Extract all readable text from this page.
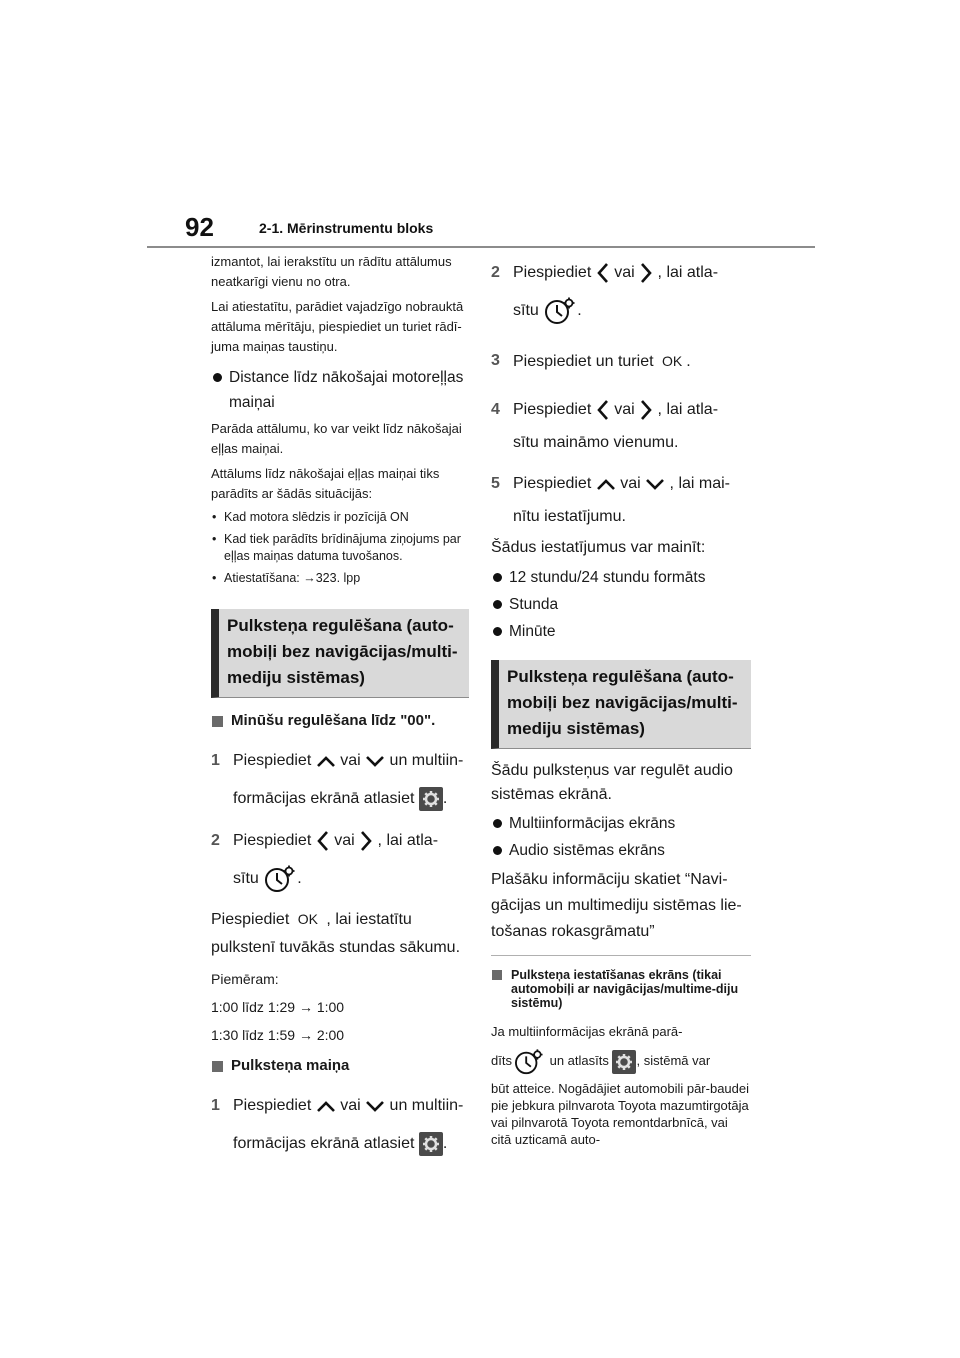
92	2-1. Mērinstrumentu bloks

izmantot, lai ierakstītu un rādītu attālumus neatkarīgi vienu no otra.

Lai atiestatītu, parādiet vajadzīgo nobrauktā attāluma mērītāju, piespiediet un turiet rādī-juma maiņas taustiņu.

Distance līdz nākošajai motoreļļas maiņai

Parāda attālumu, ko var veikt līdz nākošajai eļļas maiņai.

Attālums līdz nākošajai eļļas maiņai tiks parādīts ar šādās situācijās:

• Kad motora slēdzis ir pozīcijā ON

• Kad tiek parādīts brīdinājuma ziņojums par eļļas maiņas datuma tuvošanos.

• Atiestatīšana: →323. lpp

Pulksteņa regulēšana (auto-mobiļi bez navigācijas/multi-mediju sistēmas)

Minūšu regulēšana līdz "00".

1 Piespiediet vai un multiin-
formācijas ekrānā atlasiet .
2 Piespiediet vai , lai atla-
sītu .
Piespiediet OK , lai iestatītu

pulkstenī tuvākās stundas sākumu.

Piemēram:

1:00 līdz 1:29 → 1:00

1:30 līdz 1:59 → 2:00

Pulksteņa maiņa

1 Piespiediet vai un multiin-
formācijas ekrānā atlasiet .
2 Piespiediet vai , lai atla-
sītu .
3 Piespiediet un turiet OK .
4 Piespiediet vai , lai atla-
sītu maināmo vienumu.
5 Piespiediet vai , lai mai-
nītu iestatījumu.

Šādus iestatījumus var mainīt:

12 stundu/24 stundu formāts

Stunda

Minūte

Pulksteņa regulēšana (auto-mobiļi bez navigācijas/multi-mediju sistēmas)

Šādu pulksteņus var regulēt audio sistēmas ekrānā.

Multiinformācijas ekrāns

Audio sistēmas ekrāns

Plašāku informāciju skatiet “Navi-gācijas un multimediju sistēmas lie-tošanas rokasgrāmatu”

Pulksteņa iestatīšanas ekrāns (tikai automobiļi ar navigācijas/multime-diju sistēmu)

Ja multiinformācijas ekrānā parā-

dīts	un atlasīts , sistēmā var

būt atteice. Nogādājiet automobili pār-baudei pie jebkura pilnvarota Toyota mazumtirgotāja vai pilnvarotā Toyota remontdarbnīcā, vai citā uzticamā auto-
